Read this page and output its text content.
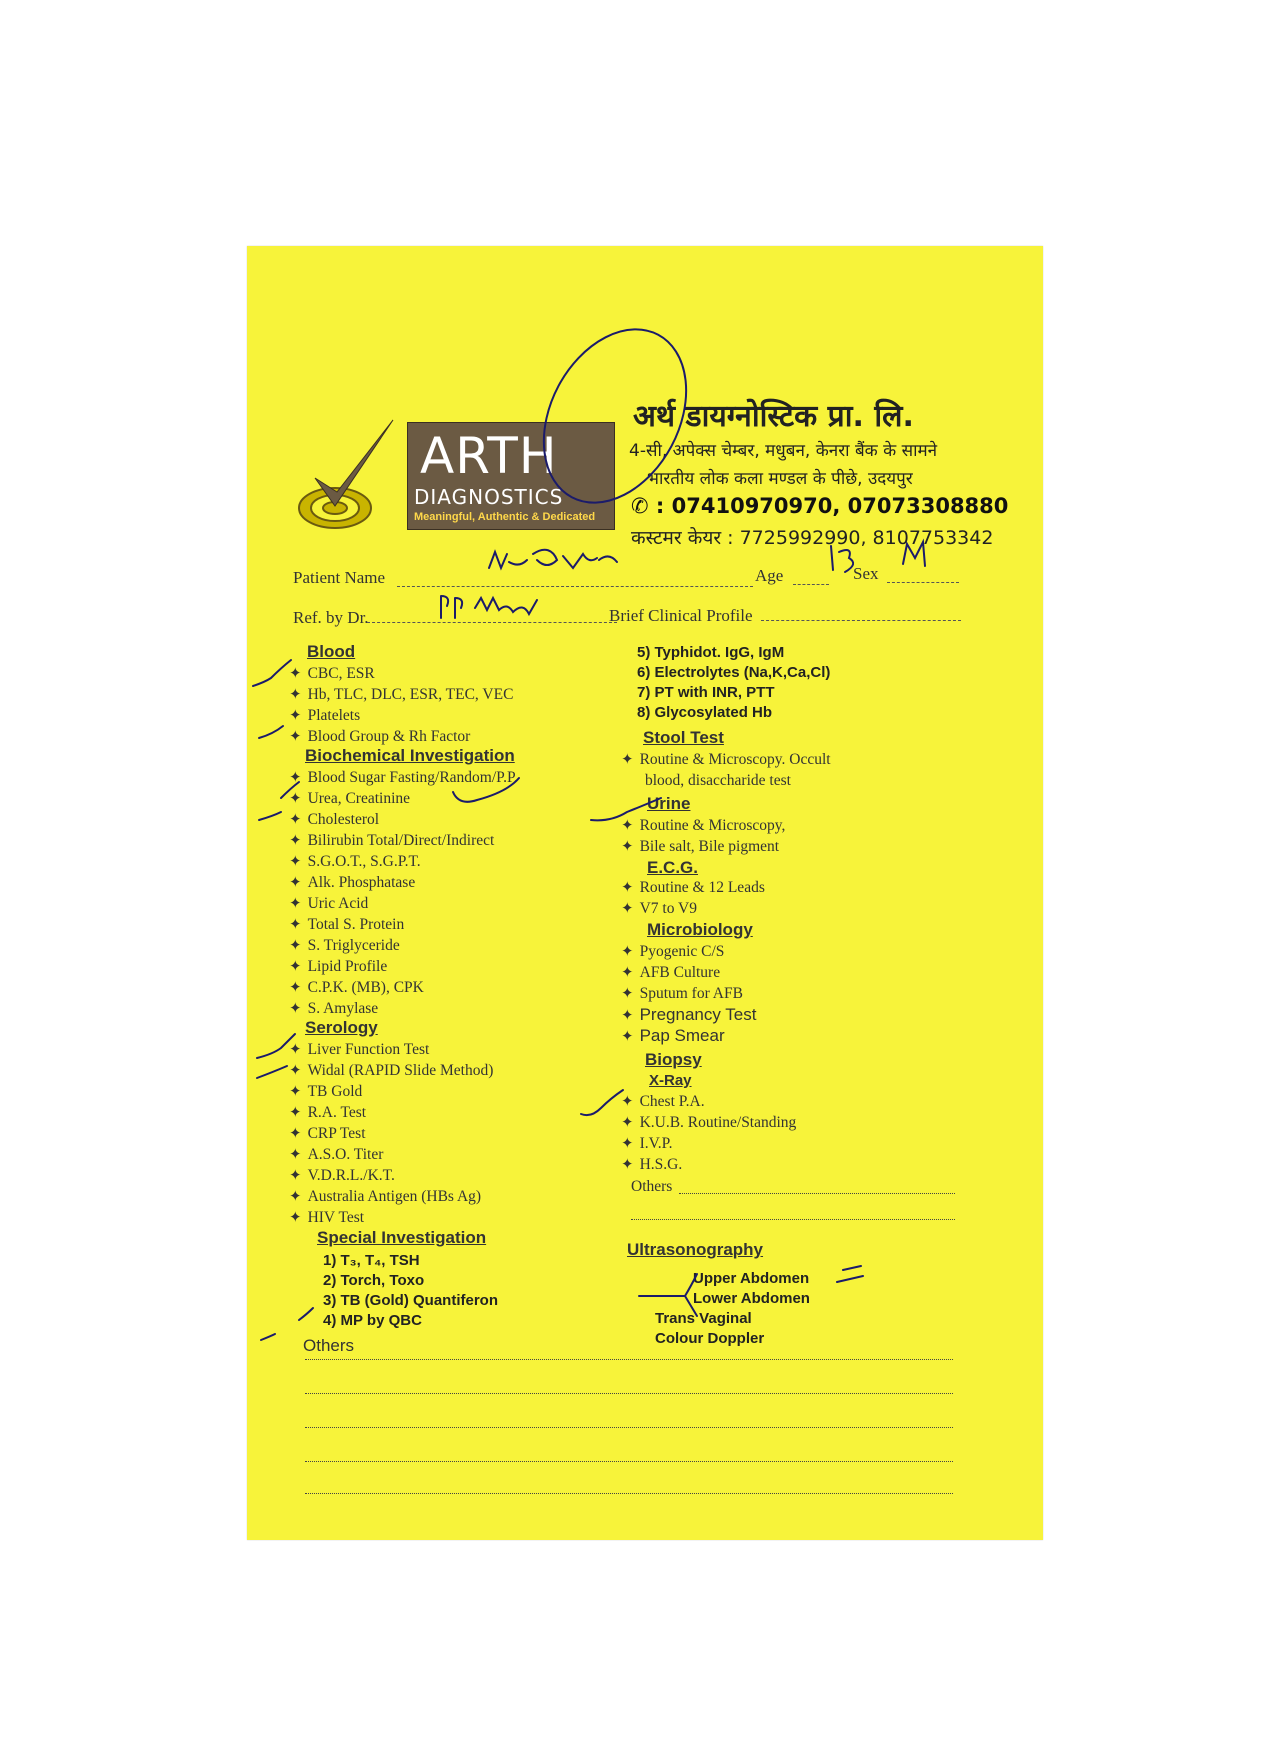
ARTH
DIAGNOSTICS
Meaningful, Authentic & Dedicated
अर्थ डायग्नोस्टिक प्रा. लि.
4-सी, अपेक्स चेम्बर, मधुबन, केनरा बैंक के सामने
भारतीय लोक कला मण्डल के पीछे, उदयपुर
✆ : 07410970970, 07073308880
कस्टमर केयर : 7725992990, 8107753342
Patient Name	Age	Sex
Ref. by Dr.	Brief Clinical Profile
Blood
✦ CBC, ESR
✦ Hb, TLC, DLC, ESR, TEC, VEC
✦ Platelets
✦ Blood Group & Rh Factor
Biochemical Investigation
✦ Blood Sugar Fasting/Random/P.P.
✦ Urea, Creatinine
✦ Cholesterol
✦ Bilirubin Total/Direct/Indirect
✦ S.G.O.T., S.G.P.T.
✦ Alk. Phosphatase
✦ Uric Acid
✦ Total S. Protein
✦ S. Triglyceride
✦ Lipid Profile
✦ C.P.K. (MB), CPK
✦ S. Amylase
Serology
✦ Liver Function Test
✦ Widal (RAPID Slide Method)
✦ TB Gold
✦ R.A. Test
✦ CRP Test
✦ A.S.O. Titer
✦ V.D.R.L./K.T.
✦ Australia Antigen (HBs Ag)
✦ HIV Test
Special Investigation
1) T₃, T₄, TSH
2) Torch, Toxo
3) TB (Gold) Quantiferon
4) MP by QBC
Others
5) Typhidot. IgG, IgM
6) Electrolytes (Na,K,Ca,Cl)
7) PT with INR, PTT
8) Glycosylated Hb
Stool Test
✦ Routine & Microscopy. Occult
blood, disaccharide test
Urine
✦ Routine & Microscopy,
✦ Bile salt, Bile pigment
E.C.G.
✦ Routine & 12 Leads
✦ V7 to V9
Microbiology
✦ Pyogenic C/S
✦ AFB Culture
✦ Sputum for AFB
✦ Pregnancy Test
✦ Pap Smear
Biopsy
X-Ray
✦ Chest P.A.
✦ K.U.B. Routine/Standing
✦ I.V.P.
✦ H.S.G.
Others
Ultrasonography
Upper Abdomen
Lower Abdomen
Trans Vaginal
Colour Doppler
